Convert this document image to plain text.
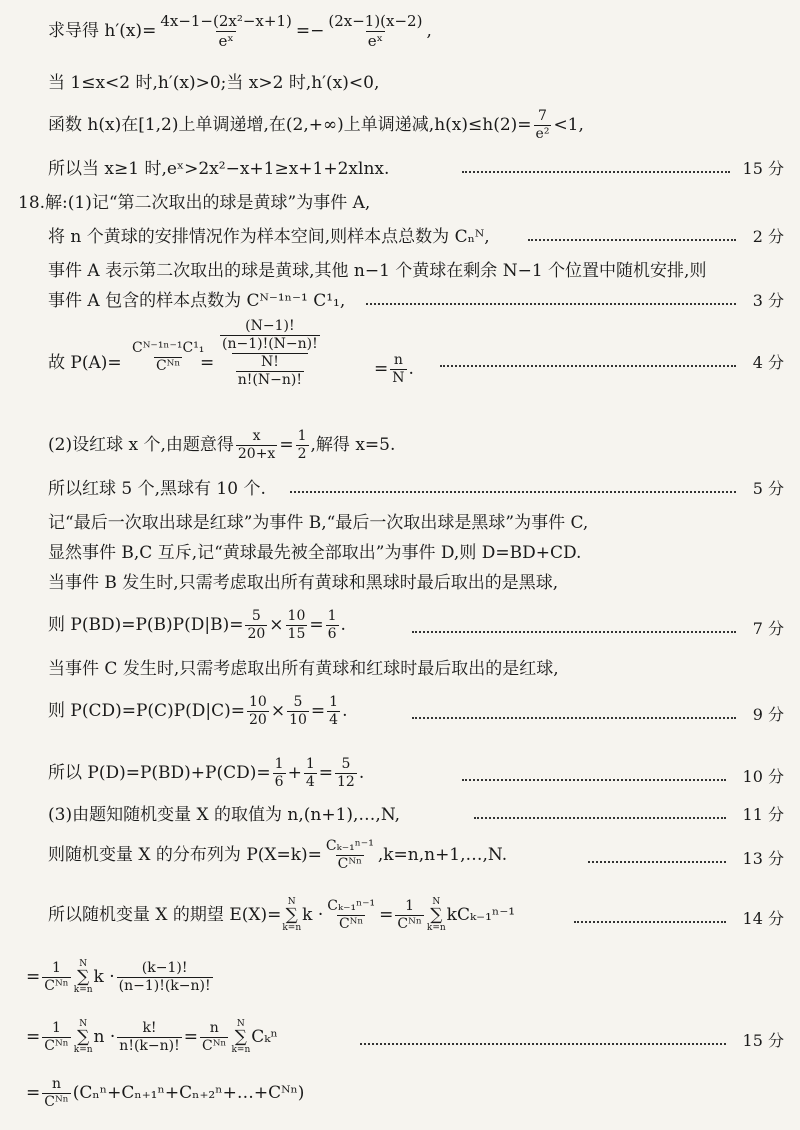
求导得 $h'(x)= \frac{\text{4x−1−(2x²−x+1)}}{\text{eˣ}} =- \frac{(2x-1)(x-2)}{\text{eˣ}}$ ,
当 1≤x<2 时,h′(x)>0;当 x>2 时,h′(x)<0,
函数 h(x)在[1,2)上单调递增,在(2,+∞)上单调递减$,h(x)\le h(2)= \frac{7}{\text{e²}} <1$,
所以当 x≥1 时,eˣ>2x²−x+1≥x+1+2xlnx.	15 分
18.解:(1)记“第二次取出的球是黄球”为事件 A,
将 n 个黄球的安排情况作为样本空间,则样本点总数为 Cₙᴺ,	2 分
事件 A 表示第二次取出的球是黄球,其他 n−1 个黄球在剩余 N−1 个位置中随机安排,则
事件 A 包含的样本点数为 Cᴺ⁻¹ⁿ⁻¹ C¹₁,	3 分
故 $P(A)= \frac{\text{Cᴺ⁻¹ⁿ⁻¹C¹₁}}{\text{Cᴺⁿ}}$
= $\frac{\frac{(N-1)!}{(n-1)!(N-n)!}}{\frac{N!}{n!(N-n)!}}$	= $\frac{n}{N}$ .	4 分
(2)设红球 x 个,由题意得 $\frac{x}{20+x} = \frac{1}{2}$ ,解得 x=5.
所以红球 5 个,黑球有 10 个.	5 分
记“最后一次取出球是红球”为事件 B,“最后一次取出球是黑球”为事件 C,
显然事件 B,C 互斥,记“黄球最先被全部取出”为事件 D,则 D=BD+CD.
当事件 B 发生时,只需考虑取出所有黄球和黑球时最后取出的是黑球,
则 $P(BD)=P(B)P(D|B)= \frac{5}{20} \times \frac{10}{15} = \frac{1}{6}$ .	7 分
当事件 C 发生时,只需考虑取出所有黄球和红球时最后取出的是红球,
则 $P(CD)=P(C)P(D|C)= \frac{10}{20} \times \frac{5}{10} = \frac{1}{4}$ .	9 分
所以 $P(D)=P(BD)+P(CD)= \frac{1}{6} + \frac{1}{4} = \frac{5}{12}$ .	10 分
(3)由题知随机变量 X 的取值为 n,(n+1),…,N,	11 分
则随机变量 X 的分布列为 $P(X=k)= \frac{\text{Cₖ₋₁ⁿ⁻¹}}{\text{Cᴺⁿ}}$ ,k=n,n+1,…,N.	13 分
所以随机变量 X 的期望 E(X)=
N
∑
k=n
$k \cdot \frac{\text{Cₖ₋₁ⁿ⁻¹}}{\text{Cᴺⁿ}} = \frac{1}{\text{Cᴺⁿ}}$ N
∑
k=n
kCₖ₋₁ⁿ⁻¹	14 分
= $\frac{1}{\text{Cᴺⁿ}}$ N
∑
k=n
$k \cdot \frac{(k-1)!}{(n-1)!(k-n)!}$
= $\frac{1}{\text{Cᴺⁿ}}$ N
∑
k=n
$n \cdot \frac{k!}{n!(k-n)!} = \frac{n}{\text{Cᴺⁿ}}$ N
∑
k=n
Cₖⁿ	15 分
= $\frac{n}{\text{Cᴺⁿ}}$ (Cₙⁿ+Cₙ₊₁ⁿ+Cₙ₊₂ⁿ+…+Cᴺⁿ)
